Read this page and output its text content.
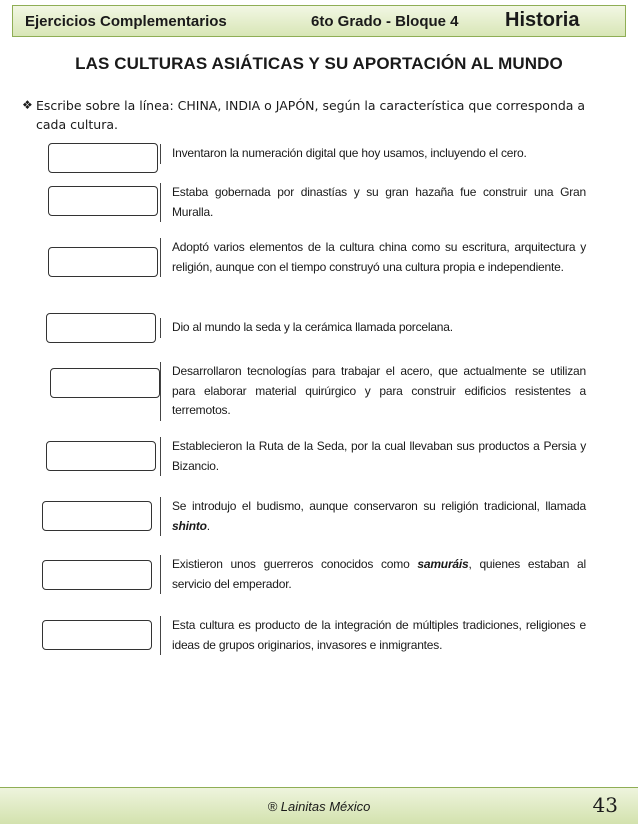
Ejercicios Complementarios	6to Grado - Bloque 4 Historia
LAS CULTURAS ASIÁTICAS Y SU APORTACIÓN AL MUNDO
❖ Escribe sobre la línea: CHINA, INDIA o JAPÓN, según la característica que corresponda a cada cultura.
Inventaron la numeración digital que hoy usamos, incluyendo el cero.
Estaba gobernada por dinastías y su gran hazaña fue construir una Gran Muralla.
Adoptó varios elementos de la cultura china como su escritura, arquitectura y religión, aunque con el tiempo construyó una cultura propia e independiente.
Dio al mundo la seda y la cerámica llamada porcelana.
Desarrollaron tecnologías para trabajar el acero, que actualmente se utilizan para elaborar material quirúrgico y para construir edificios resistentes a terremotos.
Establecieron la Ruta de la Seda, por la cual llevaban sus productos a Persia y Bizancio.
Se introdujo el budismo, aunque conservaron su religión tradicional, llamada shinto.
Existieron unos guerreros conocidos como samuráis, quienes estaban al servicio del emperador.
Esta cultura es producto de la integración de múltiples tradiciones, religiones e ideas de grupos originarios, invasores e inmigrantes.
® Lainitas México	43
